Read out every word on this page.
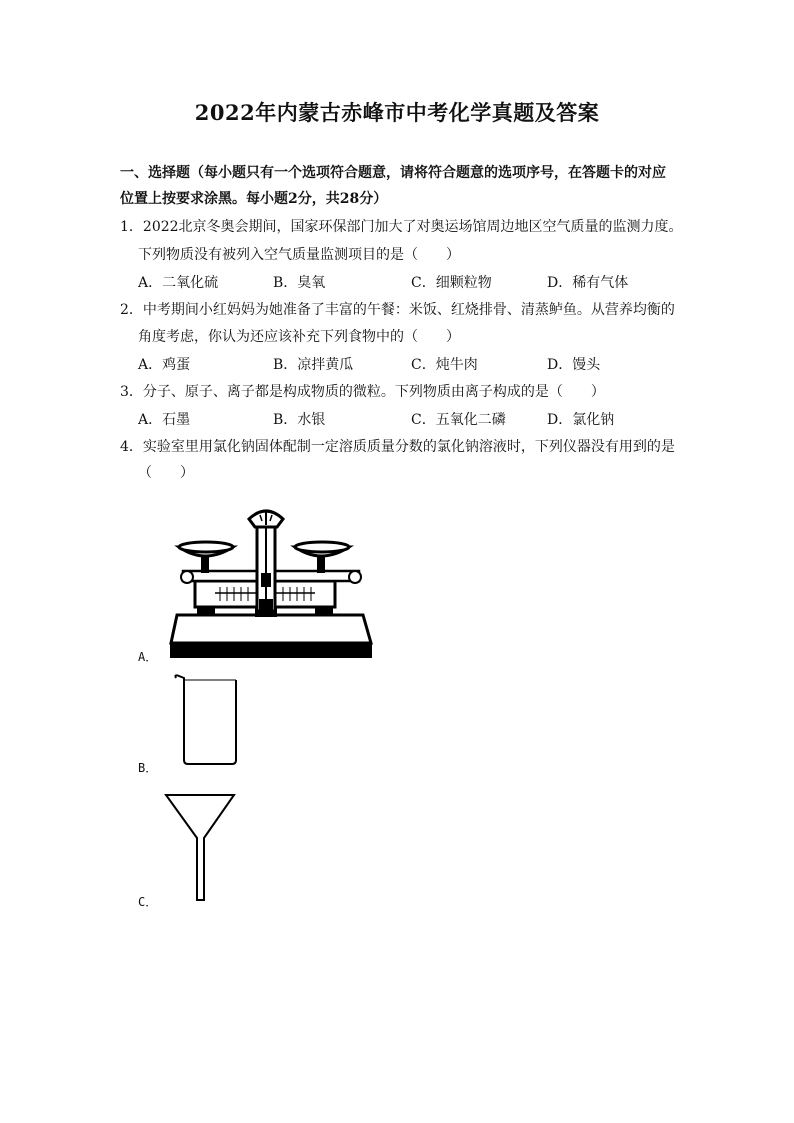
2022年内蒙古赤峰市中考化学真题及答案
一、选择题（每小题只有一个选项符合题意，请将符合题意的选项序号，在答题卡的对应
位置上按要求涂黑。每小题2分，共28分）
1．2022北京冬奥会期间，国家环保部门加大了对奥运场馆周边地区空气质量的监测力度。
下列物质没有被列入空气质量监测项目的是（　　）
A．二氧化硫	B．臭氧	C．细颗粒物	D．稀有气体
2．中考期间小红妈妈为她准备了丰富的午餐：米饭、红烧排骨、清蒸鲈鱼。从营养均衡的
角度考虑，你认为还应该补充下列食物中的（　　）
A．鸡蛋	B．凉拌黄瓜	C．炖牛肉	D．馒头
3．分子、原子、离子都是构成物质的微粒。下列物质由离子构成的是（　　）
A．石墨	B．水银	C．五氧化二磷	D．氯化钠
4．实验室里用氯化钠固体配制一定溶质质量分数的氯化钠溶液时，下列仪器没有用到的是
（　　）
A．
B．
C．
